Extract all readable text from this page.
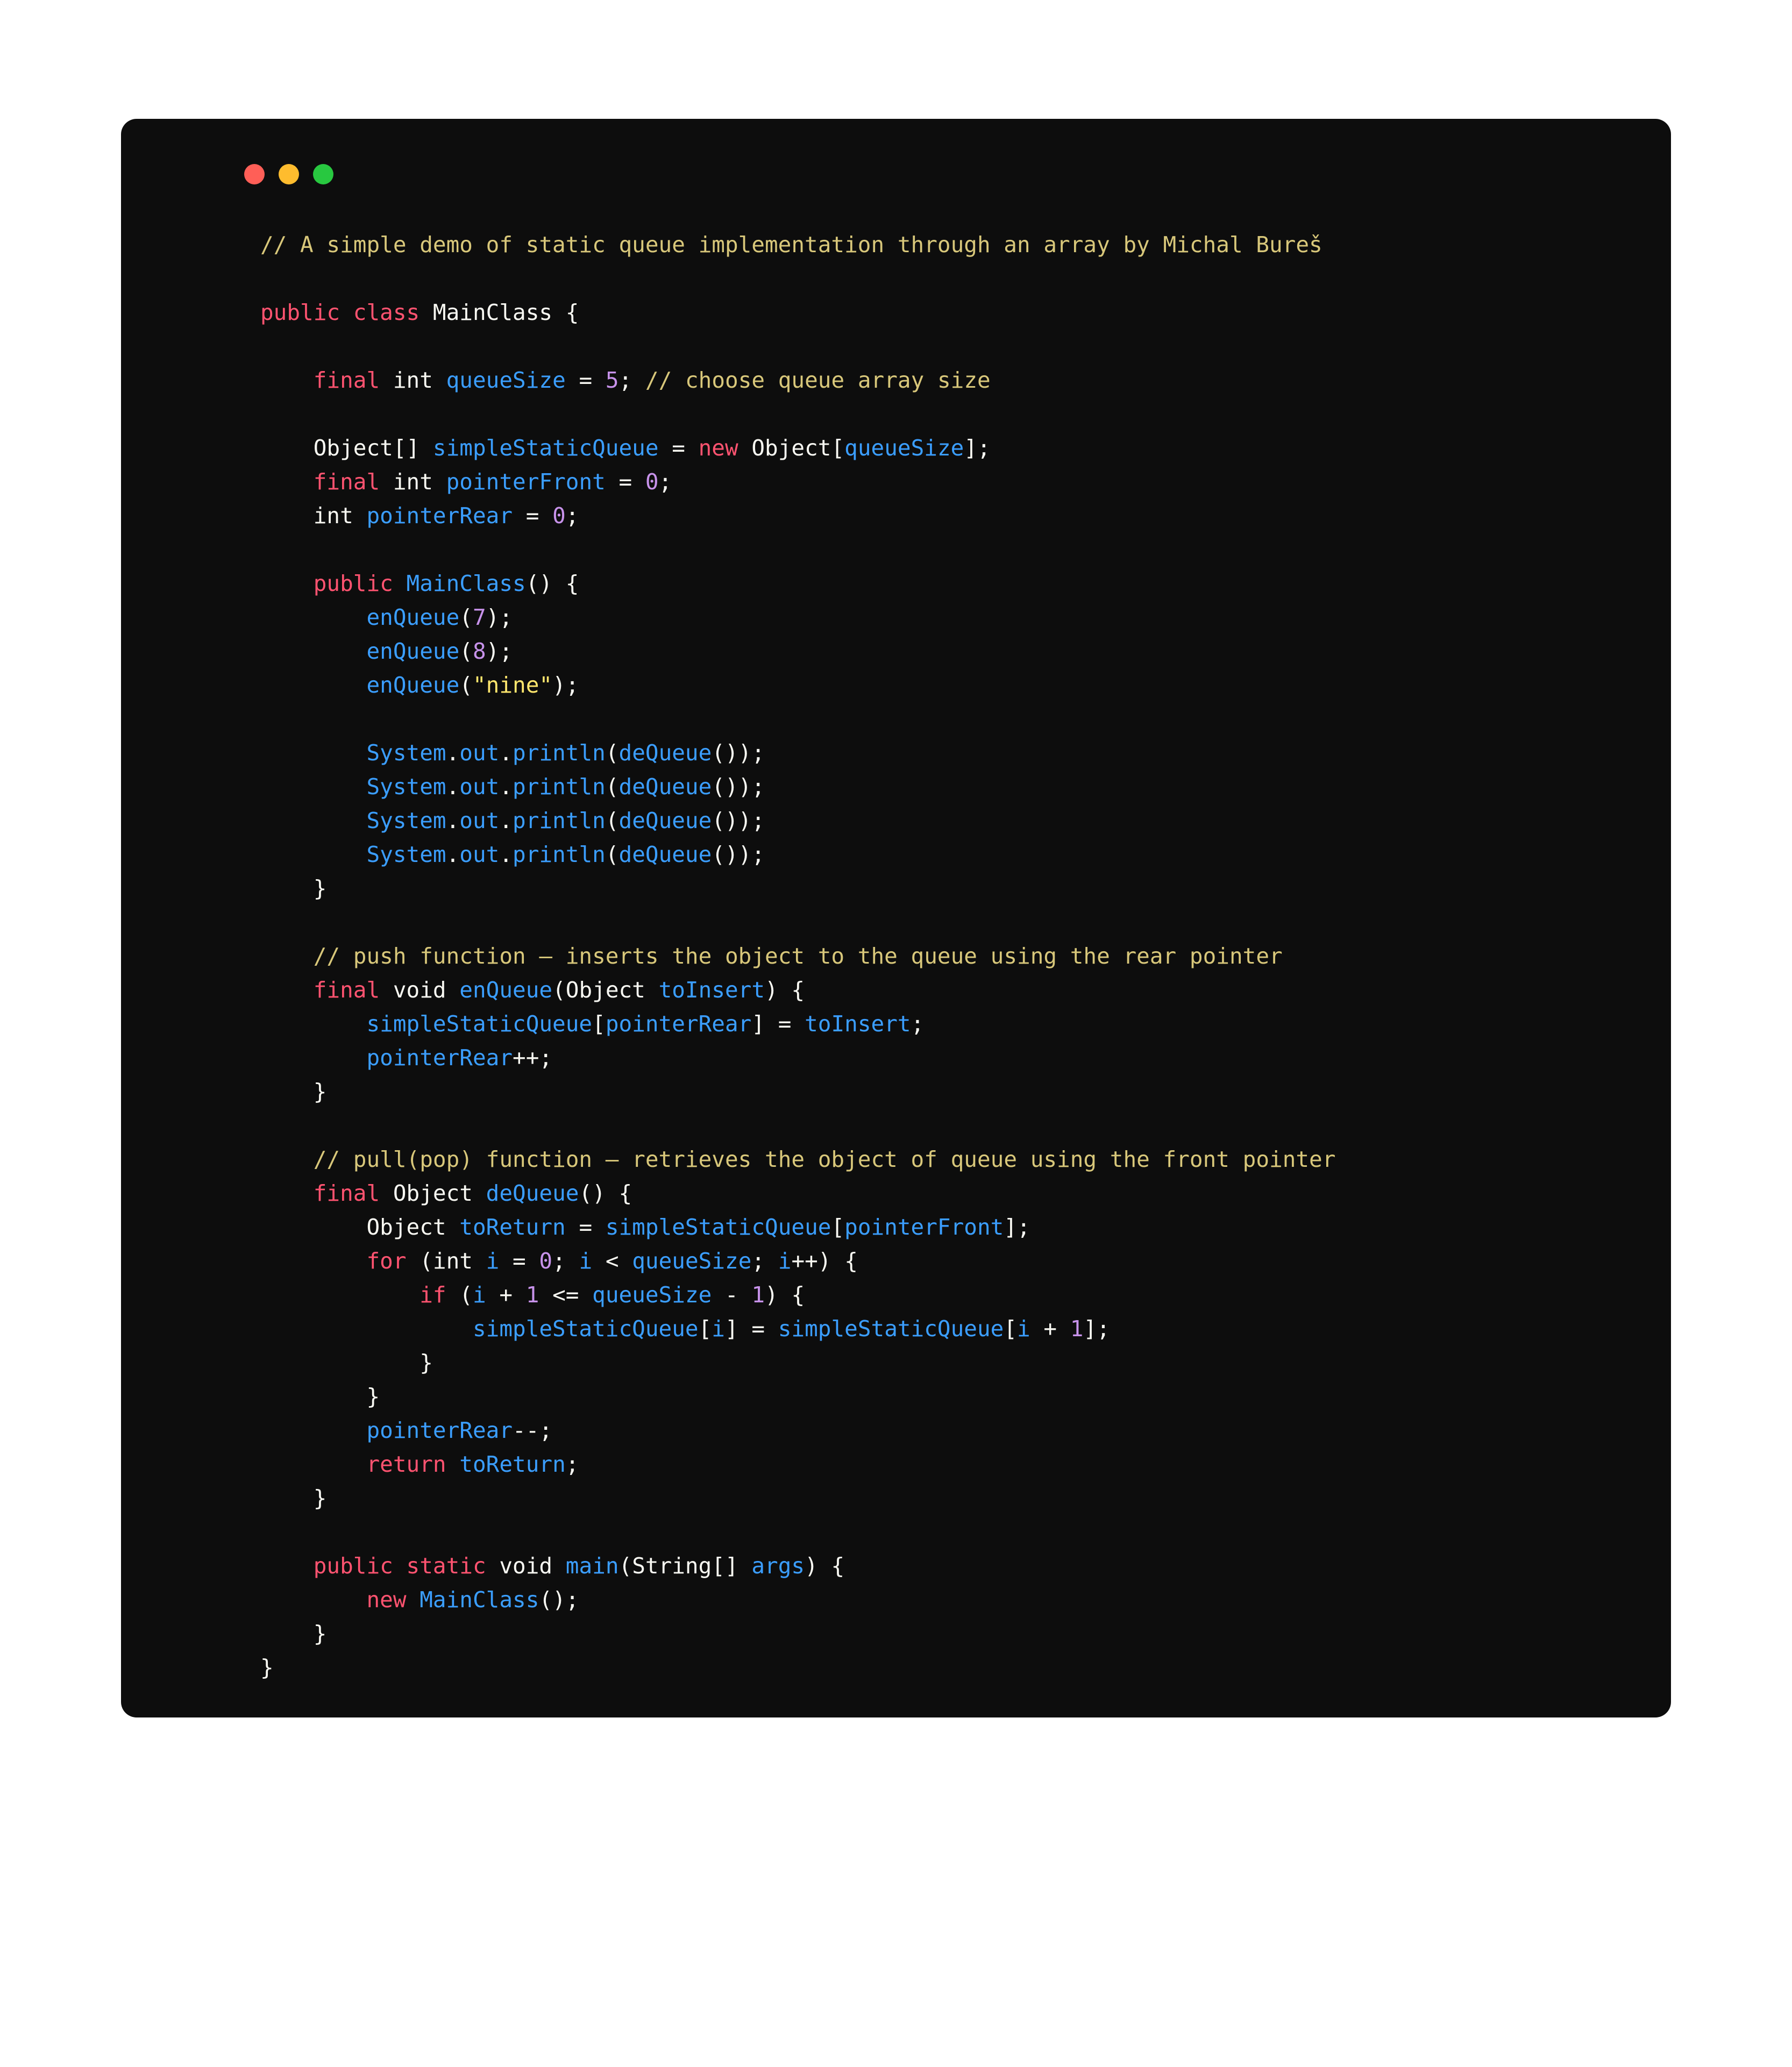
// A simple demo of static queue implementation through an array by Michal Bureš

public class MainClass {

final int queueSize = 5; // choose queue array size

Object[] simpleStaticQueue = new Object[queueSize];
final int pointerFront = 0;
int pointerRear = 0;

public MainClass() {
enQueue(7);
enQueue(8);
enQueue("nine");

System.out.println(deQueue());
System.out.println(deQueue());
System.out.println(deQueue());
System.out.println(deQueue());
}

// push function — inserts the object to the queue using the rear pointer
final void enQueue(Object toInsert) {
simpleStaticQueue[pointerRear] = toInsert;
pointerRear++;
}

// pull(pop) function — retrieves the object of queue using the front pointer
final Object deQueue() {
Object toReturn = simpleStaticQueue[pointerFront];
for (int i = 0; i < queueSize; i++) {
if (i + 1 <= queueSize - 1) {
simpleStaticQueue[i] = simpleStaticQueue[i + 1];
}
}
pointerRear--;
return toReturn;
}

public static void main(String[] args) {
new MainClass();
}
}
